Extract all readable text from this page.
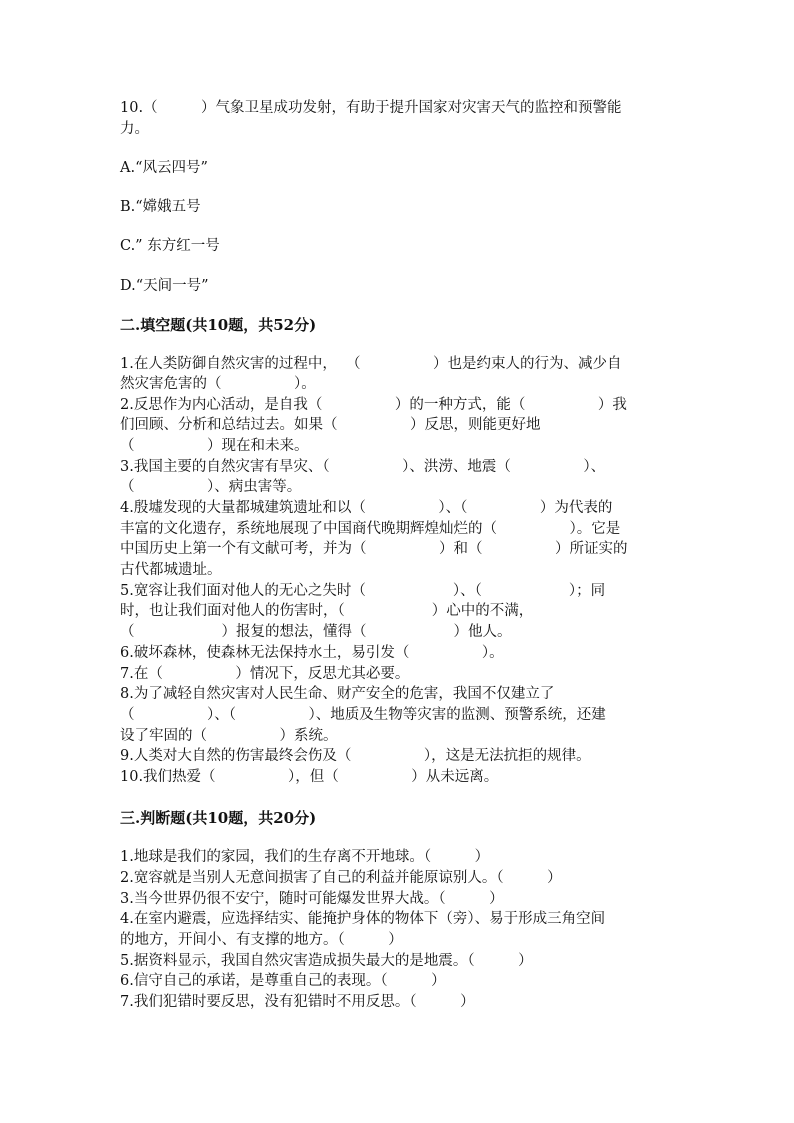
10.（　　　）气象卫星成功发射，有助于提升国家对灾害天气的监控和预警能
力。
A.“风云四号”
B.“嫦娥五号
C.” 东方红一号
D.“天间一号”
二.填空题(共10题，共52分)
1.在人类防御自然灾害的过程中，  （　　　　　）也是约束人的行为、减少自
然灾害危害的（　　　　　）。
2.反思作为内心活动，是自我（　　　　　）的一种方式，能（　　　　　）我
们回顾、分析和总结过去。如果（　　　　　）反思，则能更好地
（　　　　　）现在和未来。
3.我国主要的自然灾害有旱灾、（　　　　　）、洪涝、地震（　　　　　）、
（　　　　　）、病虫害等。
4.殷墟发现的大量都城建筑遗址和以（　　　　　）、（　　　　　）为代表的
丰富的文化遗存，系统地展现了中国商代晚期辉煌灿烂的（　　　　　）。它是
中国历史上第一个有文献可考，并为（　　　　　）和（　　　　　）所证实的
古代都城遗址。
5.宽容让我们面对他人的无心之失时（　　　　　　）、（　　　　　　）；同
时，也让我们面对他人的伤害时，（　　　　　　）心中的不满，
（　　　　　　）报复的想法，懂得（　　　　　　）他人。
6.破坏森林，使森林无法保持水土，易引发（　　　　　）。
7.在（　　　　　）情况下，反思尤其必要。
8.为了减轻自然灾害对人民生命、财产安全的危害，我国不仅建立了
（　　　　　）、（　　　　　）、地质及生物等灾害的监测、预警系统，还建
设了牢固的（　　　　　）系统。
9.人类对大自然的伤害最终会伤及（　　　　　），这是无法抗拒的规律。
10.我们热爱（　　　　　），但（　　　　　）从未远离。
三.判断题(共10题，共20分)
1.地球是我们的家园，我们的生存离不开地球。（　　　）
2.宽容就是当别人无意间损害了自己的利益并能原谅别人。（　　　）
3.当今世界仍很不安宁，随时可能爆发世界大战。（　　　）
4.在室内避震，应选择结实、能掩护身体的物体下（旁）、易于形成三角空间
的地方，开间小、有支撑的地方。（　　　）
5.据资料显示，我国自然灾害造成损失最大的是地震。（　　　）
6.信守自己的承诺，是尊重自己的表现。（　　　）
7.我们犯错时要反思，没有犯错时不用反思。（　　　）
